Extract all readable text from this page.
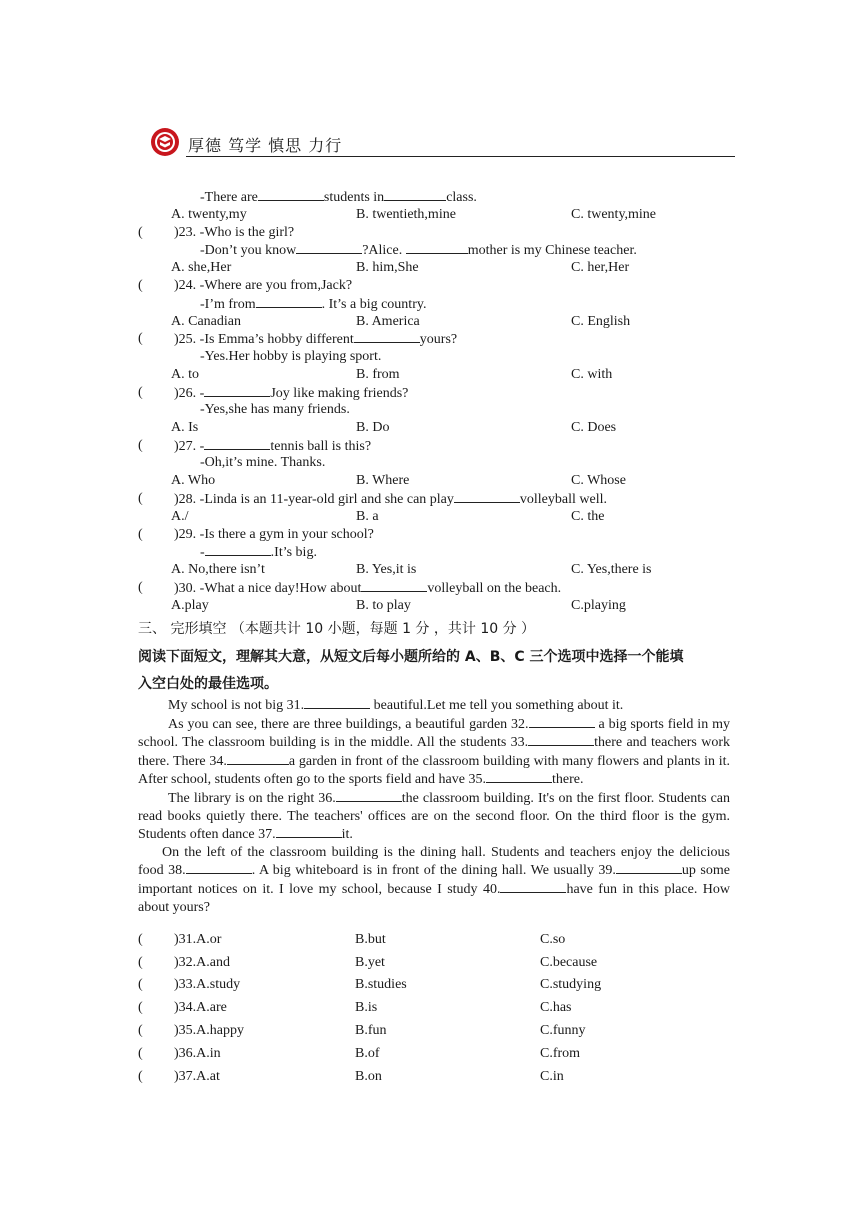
厚德 笃学 慎思 力行
-There are	students in	class.
A. twenty,my	B. twentieth,mine	C. twenty,mine
( )23. -Who is the girl?
-Don’t you know	?Alice.	mother is my Chinese teacher.
A. she,Her	B. him,She	C. her,Her
( )24. -Where are you from,Jack?
-I’m from	. It’s a big country.
A. Canadian	B. America	C. English
( )25. -Is Emma’s hobby different	yours?
-Yes.Her hobby is playing sport.
A. to	B. from	C. with
( )26. -	Joy like making friends?
-Yes,she has many friends.
A. Is	B. Do	C. Does
( )27. -	tennis ball is this?
-Oh,it’s mine. Thanks.
A. Who	B. Where	C. Whose
( )28. -Linda is an 11-year-old girl and she can play	volleyball well.
A./	B. a	C. the
( )29. -Is there a gym in your school?
-	.It’s big.
A. No,there isn’t	B. Yes,it is	C. Yes,there is
( )30. -What a nice day!How about	volleyball on the beach.
A.play	B. to play	C.playing
三、 完形填空 （本题共计 10 小题，每题 1 分 ，共计 10 分 ）
阅读下面短文，理解其大意，从短文后每小题所给的 A、B、C 三个选项中选择一个能填
入空白处的最佳选项。

My school is not big 31.	beautiful.Let me tell you something about it.

As you can see, there are three buildings, a beautiful garden 32.	a big sports field in my school. The classroom building is in the middle. All the students 33.	there and teachers work there. There 34.	a garden in front of the classroom building with many flowers and plants in it. After school, students often go to the sports field and have 35.	there.

The library is on the right 36.	the classroom building. It's on the first floor. Students can read books quietly there. The teachers' offices are on the second floor. On the third floor is the gym. Students often dance 37.	it.

On the left of the classroom building is the dining hall. Students and teachers enjoy the delicious food 38.	. A big whiteboard is in front of the dining hall. We usually 39.	up some important notices on it. I love my school, because I study 40.	have fun in this place. How about yours?

( )31.A.or	B.but	C.so
( )32.A.and	B.yet	C.because
( )33.A.study	B.studies	C.studying
( )34.A.are	B.is	C.has
( )35.A.happy	B.fun	C.funny
( )36.A.in	B.of	C.from
( )37.A.at	B.on	C.in
